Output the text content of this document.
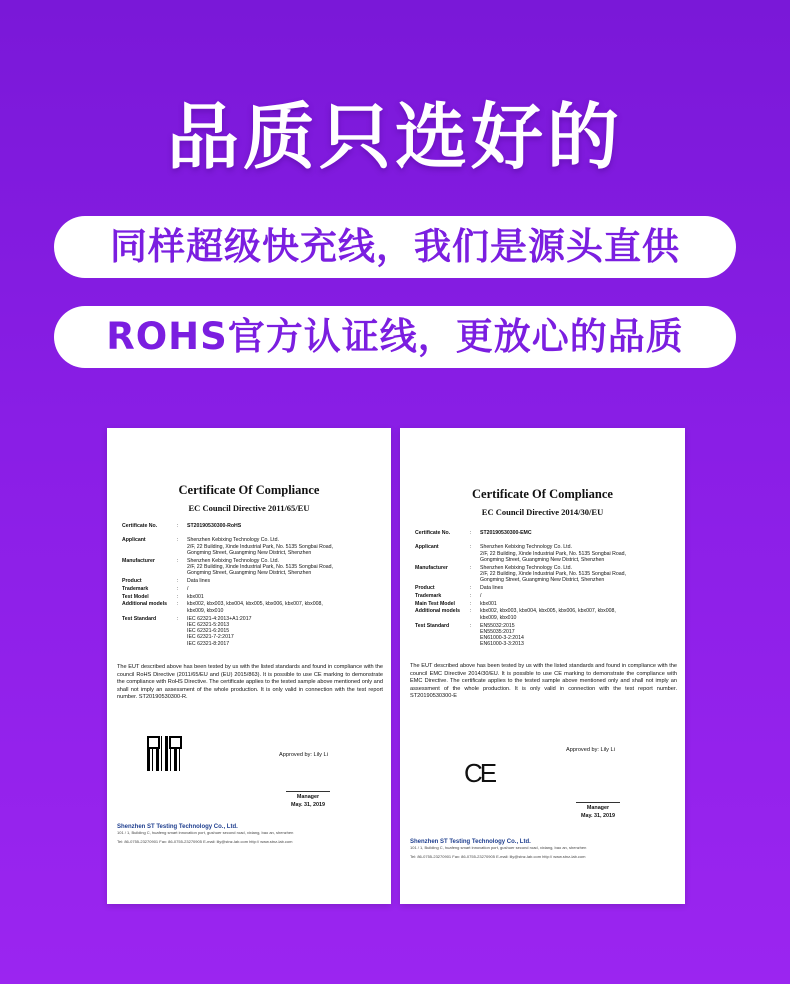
品质只选好的
同样超级快充线，我们是源头直供
ROHS官方认证线，更放心的品质
Certificate Of Compliance
EC Council Directive 2011/65/EU
Certificate No.	:	ST20190530300-RoHS
Applicant	:	Shenzhen Kebixing Technology Co. Ltd.
2/F, 22 Building, Xinde Industrial Park, No. 5135 Songbai Road,
Gongming Street, Guangming New District, Shenzhen
Manufacturer	:	Shenzhen Kebixing Technology Co. Ltd.
2/F, 22 Building, Xinde Industrial Park, No. 5135 Songbai Road,
Gongming Street, Guangming New District, Shenzhen
Product	:	Data lines
Trademark	:	/
Test Model	:	kbx001
Additional models	:	kbx002, kbx003, kbx004, kbx005, kbx006, kbx007, kbx008,
kbx009, kbx010
Test Standard	:	IEC 62321-4:2013+A1:2017
IEC 62321-5:2013
IEC 62321-6:2015
IEC 62321-7-2:2017
IEC 62321-8:2017
The EUT described above has been tested by us with the listed standards and found in compliance with the council RoHS Directive (2011/65/EU and (EU) 2015/863). It is possible to use CE marking to demonstrate the compliance with RoHS Directive. The certificate applies to the tested sample above mentioned only and shall not imply an assessment of the whole production. It is only valid in connection with the test report number. ST20190530300-R.
Approved by: Lily Li
Manager
May. 31, 2019
Shenzhen ST Testing Technology Co., Ltd.
101 / 1, Building C, huafeng smart innovation port, gushuer second road, xixiang, bao an, shenzhen
Tel: 86-0755-23270901 Fax: 86-0755-23270905 E-mail: lily@stnz-lab.com http:// www.stnz-lab.com
Certificate Of Compliance
EC Council Directive 2014/30/EU
Certificate No.	:	ST20190530300-EMC
Applicant	:	Shenzhen Kebixing Technology Co. Ltd.
2/F, 22 Building, Xinde Industrial Park, No. 5135 Songbai Road,
Gongming Street, Guangming New District, Shenzhen
Manufacturer	:	Shenzhen Kebixing Technology Co. Ltd.
2/F, 22 Building, Xinde Industrial Park, No. 5135 Songbai Road,
Gongming Street, Guangming New District, Shenzhen
Product	:	Data lines
Trademark	:	/
Main Test Model	:	kbx001
Additional models	:	kbx002, kbx003, kbx004, kbx005, kbx006, kbx007, kbx008,
kbx009, kbx010
Test Standard	:	EN55032:2015
EN55035:2017
EN61000-3-2:2014
EN61000-3-3:2013
The EUT described above has been tested by us with the listed standards and found in compliance with the council EMC Directive 2014/30/EU. It is possible to use CE marking to demonstrate the compliance with EMC Directive. The certificate applies to the tested sample above mentioned only and shall not imply an assessment of the whole production. It is only valid in connection with the test report number. ST20190530300-E
Approved by: Lily Li
CE
Manager
May. 31, 2019
Shenzhen ST Testing Technology Co., Ltd.
101 / 1, Building C, huafeng smart innovation port, gushuer second road, xixiang, bao an, shenzhen
Tel: 86-0755-23270901 Fax: 86-0755-23270905 E-mail: lily@stnz-lab.com http:// www.stnz-lab.com
